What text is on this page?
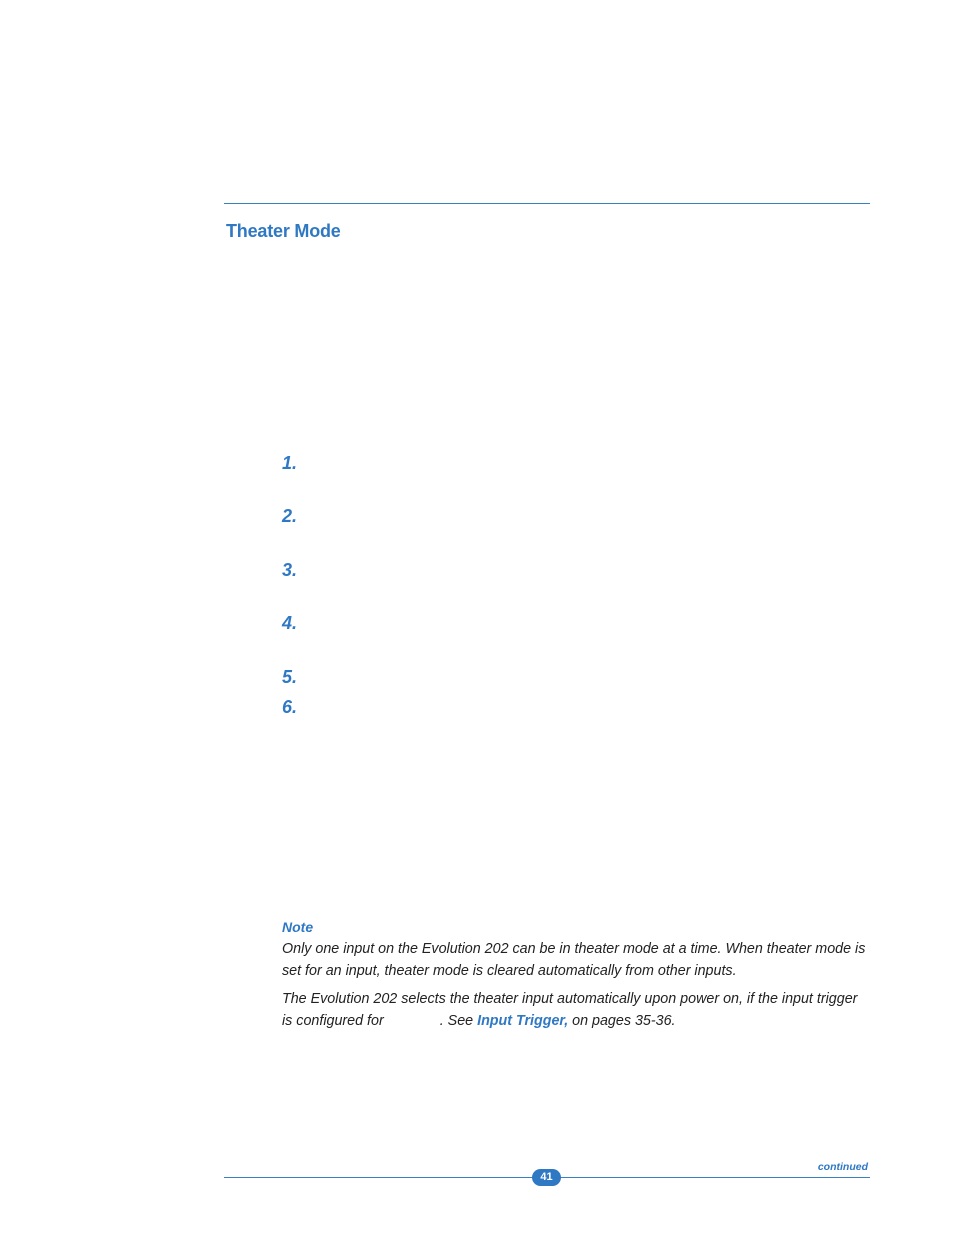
Theater Mode
1.
2.
3.
4.
5.
6.
Note
Only one input on the Evolution 202 can be in theater mode at a time. When theater mode is set for an input, theater mode is cleared automatically from other inputs.
The Evolution 202 selects the theater input automatically upon power on, if the input trigger
is configured for	. See Input Trigger, on pages 35-36.
continued
41
